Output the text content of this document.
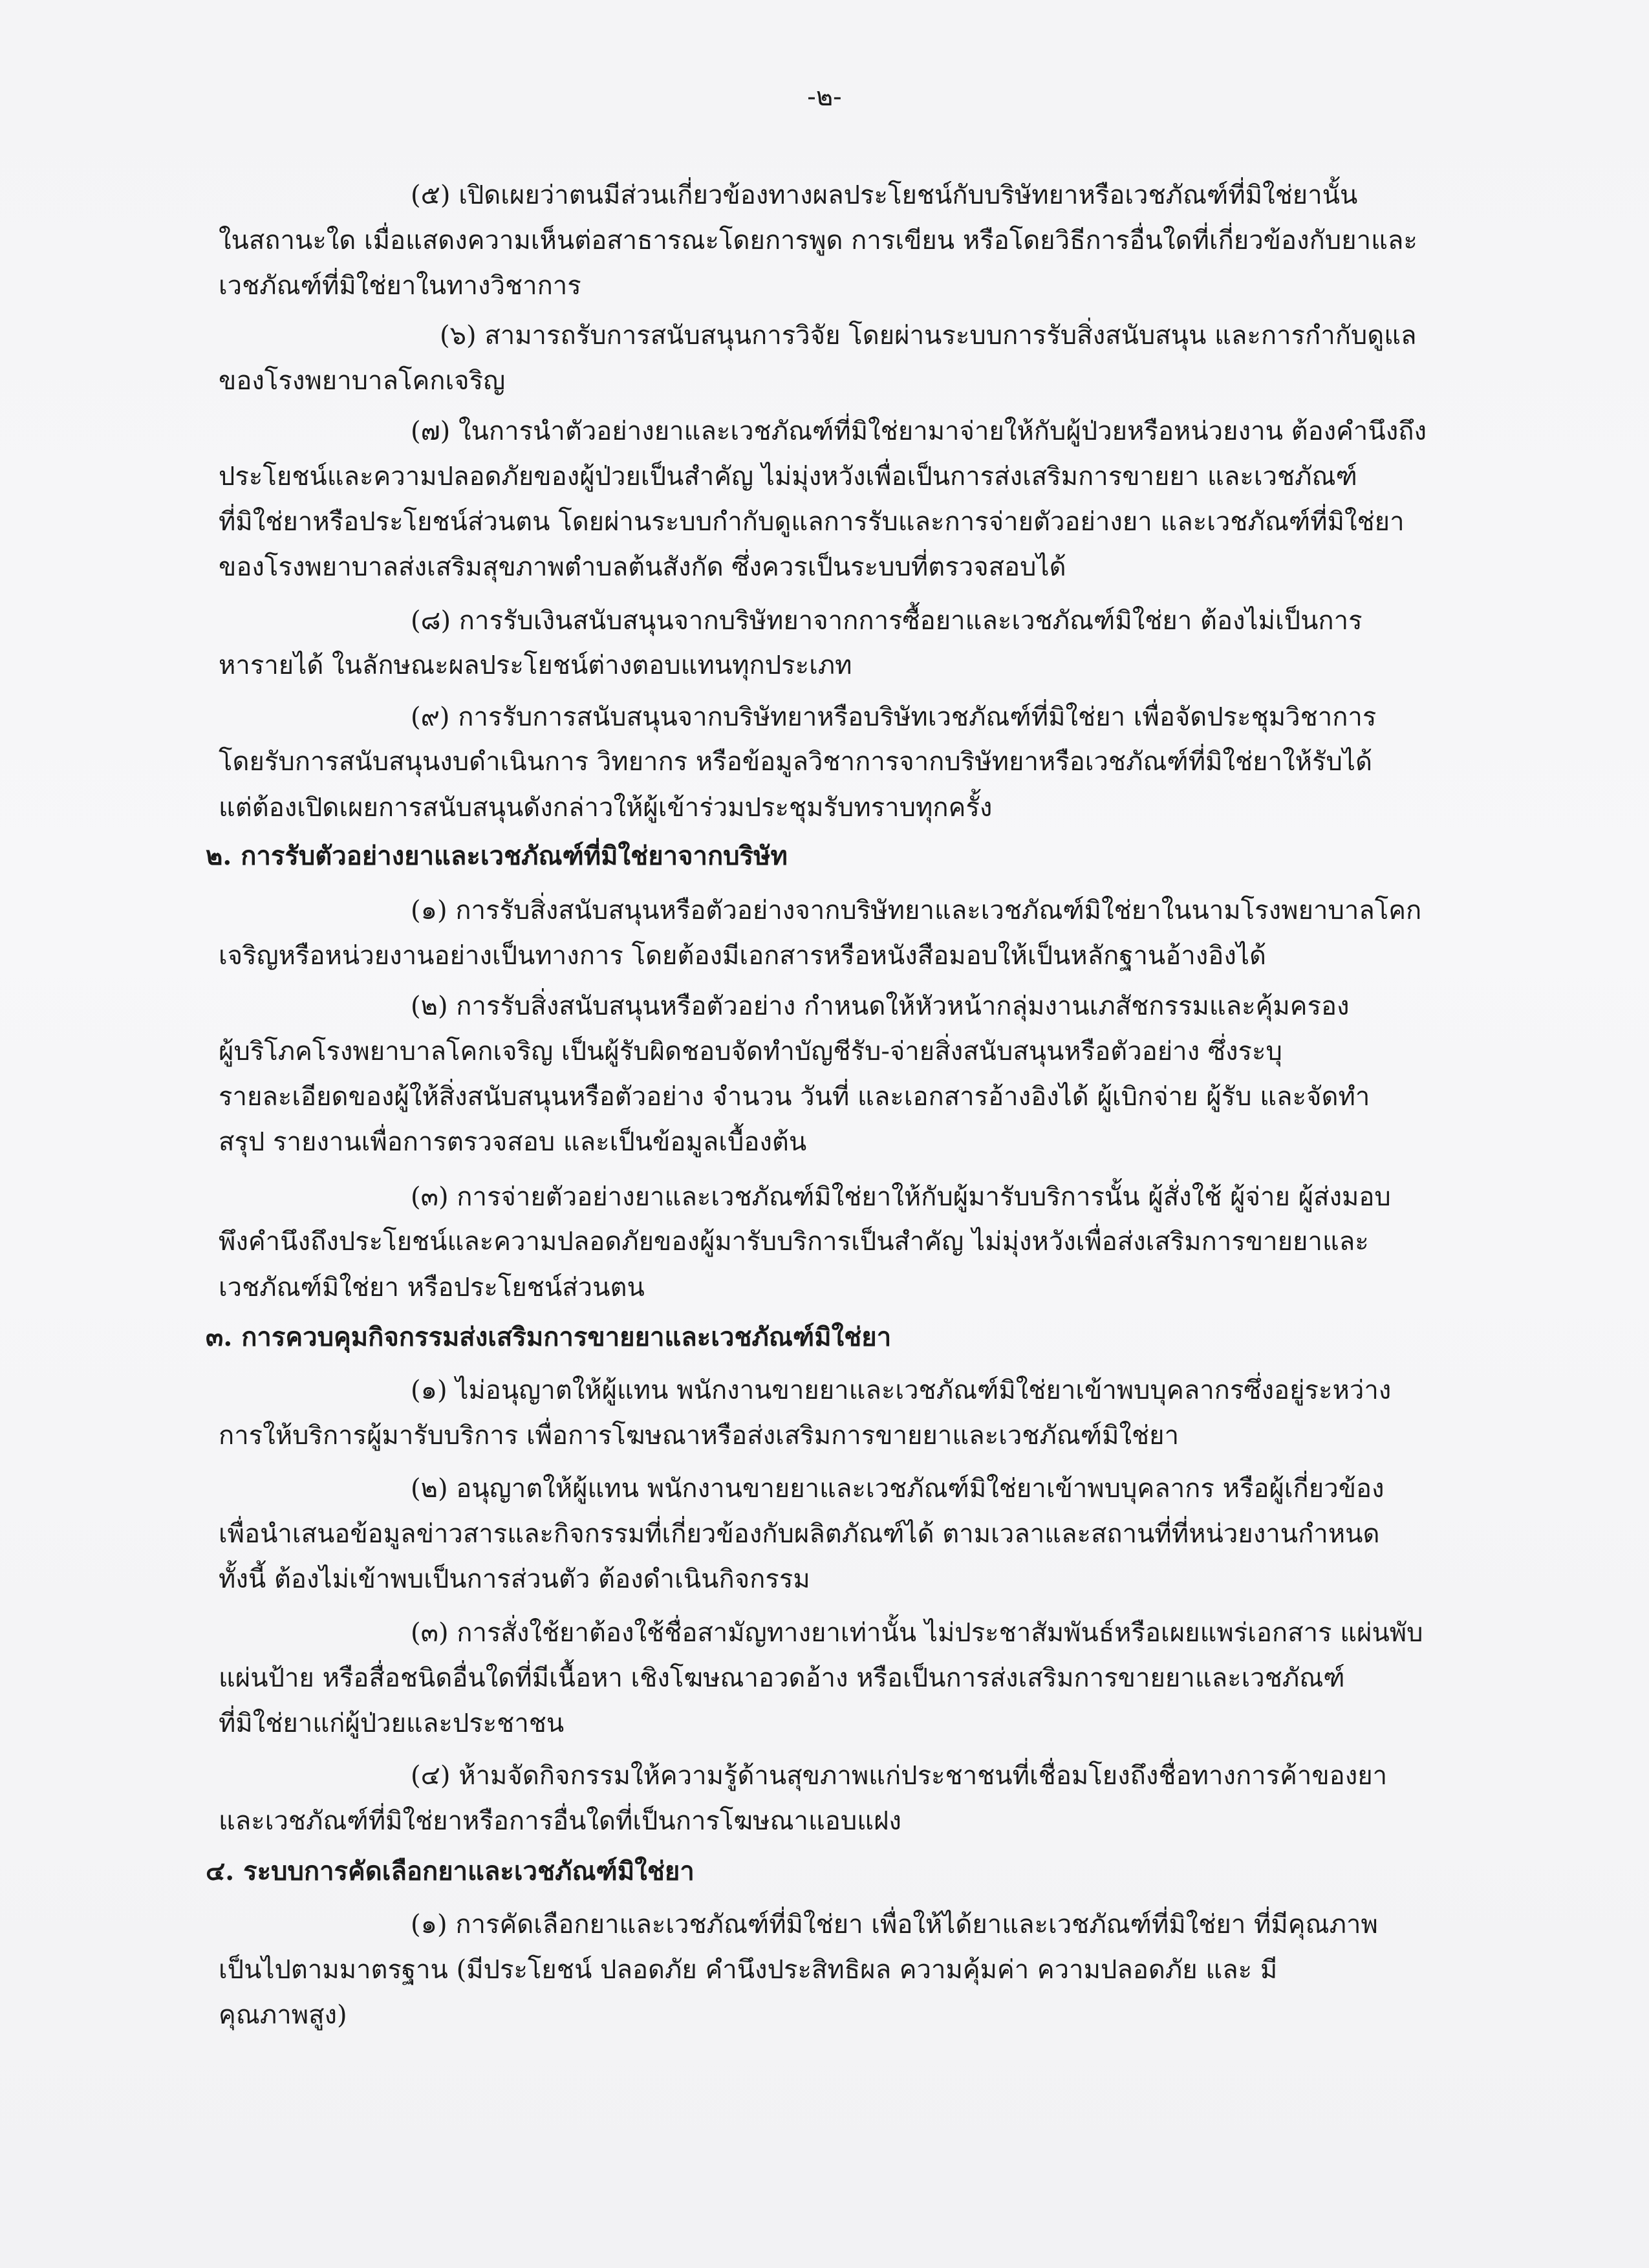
-๒-
(๕) เปิดเผยว่าตนมีส่วนเกี่ยวข้องทางผลประโยชน์กับบริษัทยาหรือเวชภัณฑ์ที่มิใช่ยานั้น
ในสถานะใด เมื่อแสดงความเห็นต่อสาธารณะโดยการพูด การเขียน หรือโดยวิธีการอื่นใดที่เกี่ยวข้องกับยาและ
เวชภัณฑ์ที่มิใช่ยาในทางวิชาการ
(๖) สามารถรับการสนับสนุนการวิจัย โดยผ่านระบบการรับสิ่งสนับสนุน และการกำกับดูแล
ของโรงพยาบาลโคกเจริญ
(๗) ในการนำตัวอย่างยาและเวชภัณฑ์ที่มิใช่ยามาจ่ายให้กับผู้ป่วยหรือหน่วยงาน ต้องคำนึงถึง
ประโยชน์และความปลอดภัยของผู้ป่วยเป็นสำคัญ ไม่มุ่งหวังเพื่อเป็นการส่งเสริมการขายยา และเวชภัณฑ์
ที่มิใช่ยาหรือประโยชน์ส่วนตน โดยผ่านระบบกำกับดูแลการรับและการจ่ายตัวอย่างยา และเวชภัณฑ์ที่มิใช่ยา
ของโรงพยาบาลส่งเสริมสุขภาพตำบลต้นสังกัด ซึ่งควรเป็นระบบที่ตรวจสอบได้
(๘) การรับเงินสนับสนุนจากบริษัทยาจากการซื้อยาและเวชภัณฑ์มิใช่ยา ต้องไม่เป็นการ
หารายได้ ในลักษณะผลประโยชน์ต่างตอบแทนทุกประเภท
(๙) การรับการสนับสนุนจากบริษัทยาหรือบริษัทเวชภัณฑ์ที่มิใช่ยา เพื่อจัดประชุมวิชาการ
โดยรับการสนับสนุนงบดำเนินการ วิทยากร หรือข้อมูลวิชาการจากบริษัทยาหรือเวชภัณฑ์ที่มิใช่ยาให้รับได้
แต่ต้องเปิดเผยการสนับสนุนดังกล่าวให้ผู้เข้าร่วมประชุมรับทราบทุกครั้ง
๒. การรับตัวอย่างยาและเวชภัณฑ์ที่มิใช่ยาจากบริษัท
(๑) การรับสิ่งสนับสนุนหรือตัวอย่างจากบริษัทยาและเวชภัณฑ์มิใช่ยาในนามโรงพยาบาลโคก
เจริญหรือหน่วยงานอย่างเป็นทางการ โดยต้องมีเอกสารหรือหนังสือมอบให้เป็นหลักฐานอ้างอิงได้
(๒) การรับสิ่งสนับสนุนหรือตัวอย่าง กำหนดให้หัวหน้ากลุ่มงานเภสัชกรรมและคุ้มครอง
ผู้บริโภคโรงพยาบาลโคกเจริญ เป็นผู้รับผิดชอบจัดทำบัญชีรับ-จ่ายสิ่งสนับสนุนหรือตัวอย่าง ซึ่งระบุ
รายละเอียดของผู้ให้สิ่งสนับสนุนหรือตัวอย่าง จำนวน วันที่ และเอกสารอ้างอิงได้ ผู้เบิกจ่าย ผู้รับ และจัดทำ
สรุป รายงานเพื่อการตรวจสอบ และเป็นข้อมูลเบื้องต้น
(๓) การจ่ายตัวอย่างยาและเวชภัณฑ์มิใช่ยาให้กับผู้มารับบริการนั้น ผู้สั่งใช้ ผู้จ่าย ผู้ส่งมอบ
พึงคำนึงถึงประโยชน์และความปลอดภัยของผู้มารับบริการเป็นสำคัญ ไม่มุ่งหวังเพื่อส่งเสริมการขายยาและ
เวชภัณฑ์มิใช่ยา หรือประโยชน์ส่วนตน
๓. การควบคุมกิจกรรมส่งเสริมการขายยาและเวชภัณฑ์มิใช่ยา
(๑) ไม่อนุญาตให้ผู้แทน พนักงานขายยาและเวชภัณฑ์มิใช่ยาเข้าพบบุคลากรซึ่งอยู่ระหว่าง
การให้บริการผู้มารับบริการ เพื่อการโฆษณาหรือส่งเสริมการขายยาและเวชภัณฑ์มิใช่ยา
(๒) อนุญาตให้ผู้แทน พนักงานขายยาและเวชภัณฑ์มิใช่ยาเข้าพบบุคลากร หรือผู้เกี่ยวข้อง
เพื่อนำเสนอข้อมูลข่าวสารและกิจกรรมที่เกี่ยวข้องกับผลิตภัณฑ์ได้ ตามเวลาและสถานที่ที่หน่วยงานกำหนด
ทั้งนี้ ต้องไม่เข้าพบเป็นการส่วนตัว ต้องดำเนินกิจกรรม
(๓) การสั่งใช้ยาต้องใช้ชื่อสามัญทางยาเท่านั้น ไม่ประชาสัมพันธ์หรือเผยแพร่เอกสาร แผ่นพับ
แผ่นป้าย หรือสื่อชนิดอื่นใดที่มีเนื้อหา เชิงโฆษณาอวดอ้าง หรือเป็นการส่งเสริมการขายยาและเวชภัณฑ์
ที่มิใช่ยาแก่ผู้ป่วยและประชาชน
(๔) ห้ามจัดกิจกรรมให้ความรู้ด้านสุขภาพแก่ประชาชนที่เชื่อมโยงถึงชื่อทางการค้าของยา
และเวชภัณฑ์ที่มิใช่ยาหรือการอื่นใดที่เป็นการโฆษณาแอบแฝง
๔. ระบบการคัดเลือกยาและเวชภัณฑ์มิใช่ยา
(๑) การคัดเลือกยาและเวชภัณฑ์ที่มิใช่ยา เพื่อให้ได้ยาและเวชภัณฑ์ที่มิใช่ยา ที่มีคุณภาพ
เป็นไปตามมาตรฐาน (มีประโยชน์ ปลอดภัย คำนึงประสิทธิผล ความคุ้มค่า ความปลอดภัย และ มี
คุณภาพสูง)
